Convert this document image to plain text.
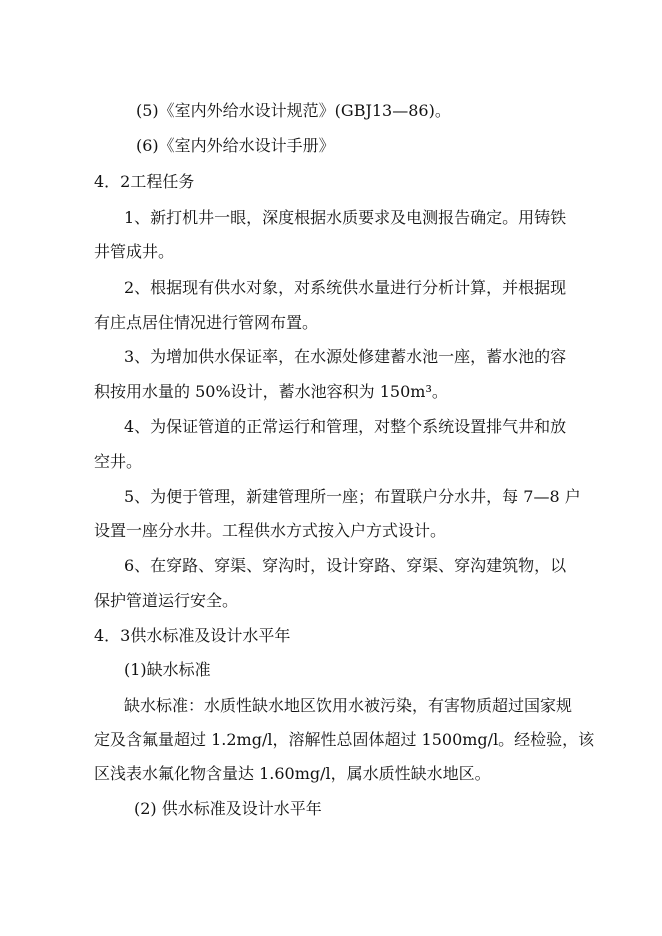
(5)《室内外给水设计规范》(GBJ13—86)。
(6)《室内外给水设计手册》
4．2工程任务
1、新打机井一眼，深度根据水质要求及电测报告确定。用铸铁
井管成井。
2、根据现有供水对象，对系统供水量进行分析计算，并根据现
有庄点居住情况进行管网布置。
3、为增加供水保证率，在水源处修建蓄水池一座，蓄水池的容
积按用水量的 50%设计，蓄水池容积为 150m³。
4、为保证管道的正常运行和管理，对整个系统设置排气井和放
空井。
5、为便于管理，新建管理所一座；布置联户分水井，每 7—8 户
设置一座分水井。工程供水方式按入户方式设计。
6、在穿路、穿渠、穿沟时，设计穿路、穿渠、穿沟建筑物，以
保护管道运行安全。
4．3供水标准及设计水平年
(1)缺水标准
缺水标准：水质性缺水地区饮用水被污染，有害物质超过国家规
定及含氟量超过 1.2mg/l，溶解性总固体超过 1500mg/l。经检验，该
区浅表水氟化物含量达 1.60mg/l，属水质性缺水地区。
(2) 供水标准及设计水平年
